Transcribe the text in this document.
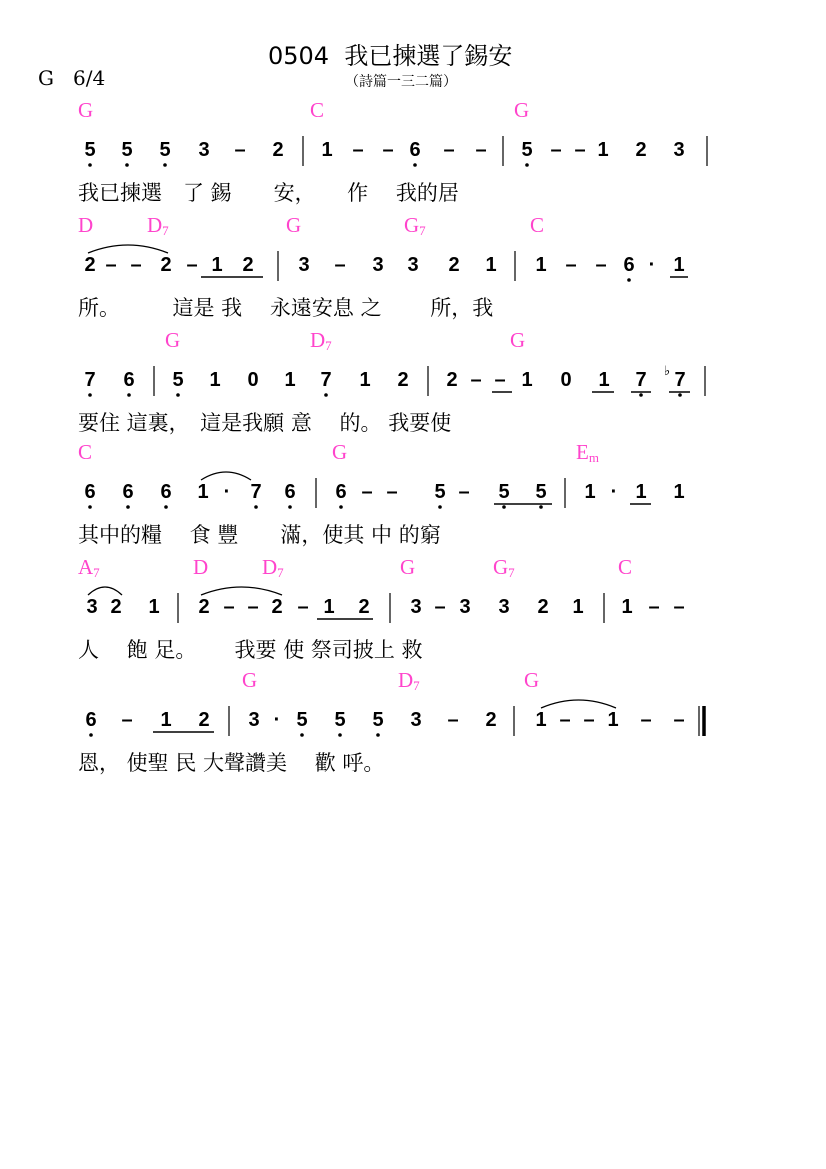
0504  我已揀選了錫安
（詩篇一三二篇）
G   6/4
G	C	G
5 5 5 3 – 2 1 – – 6 – – 5 – – 1 2 3
我已揀選　了 錫　　安，　　作　 我的居
D	$D_7$	G	$G_7$	C
2 – – 2 – 1 2 3 – 3 3 2 1 1 – – 6 · 1
所。　　　這是 我　 永遠安息 之 　　所，我
G	$D_7$	G
7 6 5 1 0 1 7 1 2 2 – – 1 0 1 7 7
要住 這裏，　這是我願 意　 的。 我要使
♭
C	G	$E_m$
6 6 6 1 ·	7 6 6 – – 5 – 5 5 1 · 1 1
其中的糧　 食 豐　　滿，使其 中 的窮
$A_7$	D	$D_7$	G	$G_7$	C
3 2 1 2 – – 2 – 1 2 3 – 3 3 2 1 1 – –
人　 飽 足。　　 我要 使 祭司披上 救
G	$D_7$	G
6 – 1 2 3 · 5 5 5 3 – 2 1 – – 1 – –
恩， 使聖 民 大聲讚美　 歡 呼。
